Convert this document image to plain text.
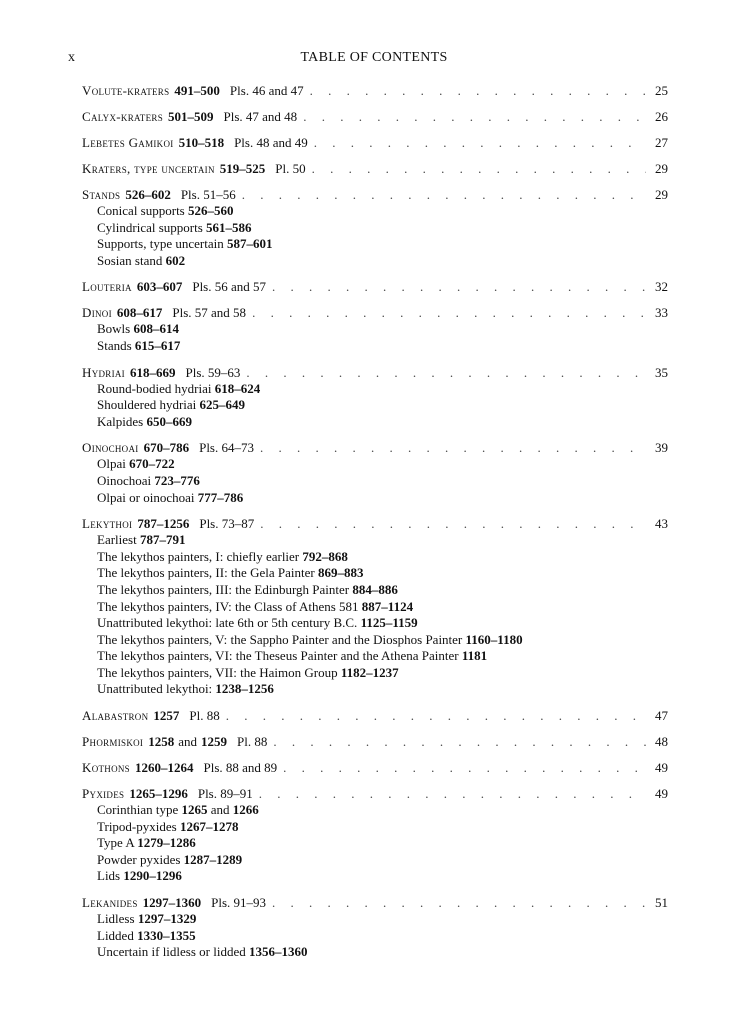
x	TABLE OF CONTENTS
Volute-kraters 491–500 Pls. 46 and 47 . . .	25
Calyx-kraters 501–509 Pls. 47 and 48 . . .	26
Lebetes Gamikoi 510–518 Pls. 48 and 49 . . .	27
Kraters, type uncertain 519–525 Pl. 50 . . .	29
Stands 526–602 Pls. 51–56 . . .	29
Conical supports 526–560
Cylindrical supports 561–586
Supports, type uncertain 587–601
Sosian stand 602
Louteria 603–607 Pls. 56 and 57 . . .	32
Dinoi 608–617 Pls. 57 and 58 . . .	33
Bowls 608–614
Stands 615–617
Hydriai 618–669 Pls. 59–63 . . .	35
Round-bodied hydriai 618–624
Shouldered hydriai 625–649
Kalpides 650–669
Oinochoai 670–786 Pls. 64–73 . . .	39
Olpai 670–722
Oinochoai 723–776
Olpai or oinochoai 777–786
Lekythoi 787–1256 Pls. 73–87 . . .	43
Earliest 787–791
The lekythos painters, I: chiefly earlier 792–868
The lekythos painters, II: the Gela Painter 869–883
The lekythos painters, III: the Edinburgh Painter 884–886
The lekythos painters, IV: the Class of Athens 581 887–1124
Unattributed lekythoi: late 6th or 5th century B.C. 1125–1159
The lekythos painters, V: the Sappho Painter and the Diosphos Painter 1160–1180
The lekythos painters, VI: the Theseus Painter and the Athena Painter 1181
The lekythos painters, VII: the Haimon Group 1182–1237
Unattributed lekythoi: 1238–1256
Alabastron 1257 Pl. 88 . . .	47
Phormiskoi 1258 and 1259 Pl. 88 . . .	48
Kothons 1260–1264 Pls. 88 and 89 . . .	49
Pyxides 1265–1296 Pls. 89–91 . . .	49
Corinthian type 1265 and 1266
Tripod-pyxides 1267–1278
Type A 1279–1286
Powder pyxides 1287–1289
Lids 1290–1296
Lekanides 1297–1360 Pls. 91–93 . . .	51
Lidless 1297–1329
Lidded 1330–1355
Uncertain if lidless or lidded 1356–1360
